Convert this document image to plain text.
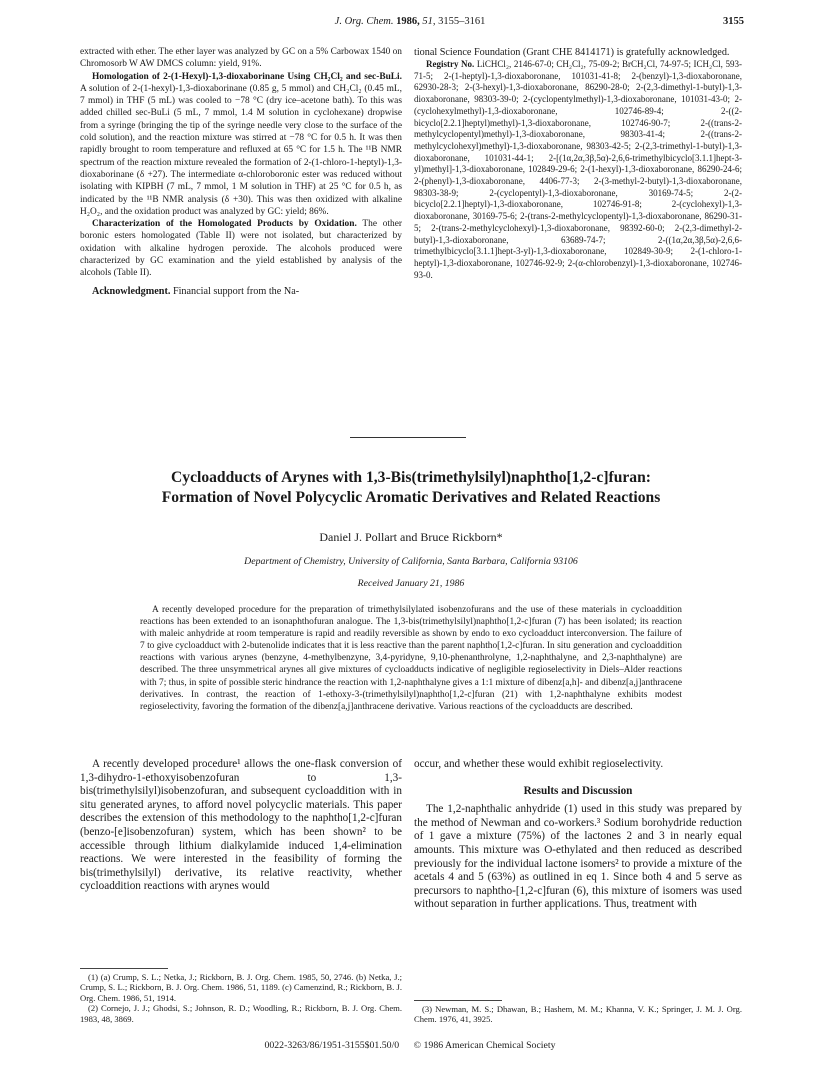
J. Org. Chem. 1986, 51, 3155–3161	3155

extracted with ether. The ether layer was analyzed by GC on a 5% Carbowax 1540 on Chromosorb W AW DMCS column: yield, 91%.

Homologation of 2-(1-Hexyl)-1,3-dioxaborinane Using CH₂Cl₂ and sec-BuLi. A solution of 2-(1-hexyl)-1,3-dioxaborinane (0.85 g, 5 mmol) and CH₂Cl₂ (0.45 mL, 7 mmol) in THF (5 mL) was cooled to −78 °C (dry ice–acetone bath). To this was added chilled sec-BuLi (5 mL, 7 mmol, 1.4 M solution in cyclohexane) dropwise from a syringe (bringing the tip of the syringe needle very close to the surface of the cold solution), and the reaction mixture was stirred at −78 °C for 0.5 h. It was then rapidly brought to room temperature and refluxed at 65 °C for 1.5 h. The ¹¹B NMR spectrum of the reaction mixture revealed the formation of 2-(1-chloro-1-heptyl)-1,3-dioxaborinane (δ +27). The intermediate α-chloroboronic ester was reduced without isolating with KIPBH (7 mL, 7 mmol, 1 M solution in THF) at 25 °C for 0.5 h, as indicated by the ¹¹B NMR analysis (δ +30). This was then oxidized with alkaline H₂O₂, and the oxidation product was analyzed by GC: yield; 86%.

Characterization of the Homologated Products by Oxidation. The other boronic esters homologated (Table II) were not isolated, but characterized by oxidation with alkaline hydrogen peroxide. The alcohols produced were characterized by GC examination and the yield established by analysis of the alcohols (Table II).

Acknowledgment. Financial support from the Na-

tional Science Foundation (Grant CHE 8414171) is gratefully acknowledged.

Registry No. LiCHCl₂, 2146-67-0; CH₂Cl₂, 75-09-2; BrCH₂Cl, 74-97-5; ICH₂Cl, 593-71-5; 2-(1-heptyl)-1,3-dioxaboronane, 101031-41-8; 2-(benzyl)-1,3-dioxaboronane, 62930-28-3; 2-(3-hexyl)-1,3-dioxaboronane, 86290-28-0; 2-(2,3-dimethyl-1-butyl)-1,3-dioxaboronane, 98303-39-0; 2-(cyclopentylmethyl)-1,3-dioxaboronane, 101031-43-0; 2-(cyclohexylmethyl)-1,3-dioxaboronane, 102746-89-4; 2-((2-bicyclo[2.2.1]heptyl)methyl)-1,3-dioxaboronane, 102746-90-7; 2-((trans-2-methylcyclopentyl)methyl)-1,3-dioxaboronane, 98303-41-4; 2-((trans-2-methylcyclohexyl)methyl)-1,3-dioxaboronane, 98303-42-5; 2-(2,3-trimethyl-1-butyl)-1,3-dioxaboronane, 101031-44-1; 2-[(1α,2α,3β,5α)-2,6,6-trimethylbicyclo[3.1.1]hept-3-yl)methyl]-1,3-dioxaboronane, 102849-29-6; 2-(1-hexyl)-1,3-dioxaboronane, 86290-24-6; 2-(phenyl)-1,3-dioxaboronane, 4406-77-3; 2-(3-methyl-2-butyl)-1,3-dioxaboronane, 98303-38-9; 2-(cyclopentyl)-1,3-dioxaboronane, 30169-74-5; 2-(2-bicyclo[2.2.1]heptyl)-1,3-dioxaboronane, 102746-91-8; 2-(cyclohexyl)-1,3-dioxaboronane, 30169-75-6; 2-(trans-2-methylcyclopentyl)-1,3-dioxaboronane, 86290-31-5; 2-(trans-2-methylcyclohexyl)-1,3-dioxaboronane, 98392-60-0; 2-(2,3-dimethyl-2-butyl)-1,3-dioxaboronane, 63689-74-7; 2-((1α,2α,3β,5α)-2,6,6-trimethylbicyclo[3.1.1]hept-3-yl)-1,3-dioxaboronane, 102849-30-9; 2-(1-chloro-1-heptyl)-1,3-dioxaboronane, 102746-92-9; 2-(α-chlorobenzyl)-1,3-dioxaboronane, 102746-93-0.

Cycloadducts of Arynes with 1,3-Bis(trimethylsilyl)naphtho[1,2-c]furan:
Formation of Novel Polycyclic Aromatic Derivatives and Related Reactions
Daniel J. Pollart and Bruce Rickborn*
Department of Chemistry, University of California, Santa Barbara, California 93106
Received January 21, 1986

A recently developed procedure for the preparation of trimethylsilylated isobenzofurans and the use of these materials in cycloaddition reactions has been extended to an isonaphthofuran analogue. The 1,3-bis(trimethylsilyl)naphtho[1,2-c]furan (7) has been isolated; its reaction with maleic anhydride at room temperature is rapid and readily reversible as shown by endo to exo cycloadduct interconversion. The failure of 7 to give cycloadduct with 2-butenolide indicates that it is less reactive than the parent naphtho[1,2-c]furan. In situ generation and cycloaddition reactions with various arynes (benzyne, 4-methylbenzyne, 3,4-pyridyne, 9,10-phenanthrolyne, 1,2-naphthalyne, and 2,3-naphthalyne) are described. The three unsymmetrical arynes all give mixtures of cycloadducts indicative of negligible regioselectivity in Diels–Alder reactions with 7; thus, in spite of possible steric hindrance the reaction with 1,2-naphthalyne gives a 1:1 mixture of dibenz[a,h]- and dibenz[a,j]anthracene derivatives. In contrast, the reaction of 1-ethoxy-3-(trimethylsilyl)naphtho[1,2-c]furan (21) with 1,2-naphthalyne exhibits modest regioselectivity, favoring the formation of the dibenz[a,j]anthracene derivative. Various reactions of the cycloadducts are described.

A recently developed procedure¹ allows the one-flask conversion of 1,3-dihydro-1-ethoxyisobenzofuran to 1,3-bis(trimethylsilyl)isobenzofuran, and subsequent cycloaddition with in situ generated arynes, to afford novel polycyclic materials. This paper describes the extension of this methodology to the naphtho[1,2-c]furan (benzo-[e]isobenzofuran) system, which has been shown² to be accessible through lithium dialkylamide induced 1,4-elimination reactions. We were interested in the feasibility of forming the bis(trimethylsilyl) derivative, its relative reactivity, whether cycloaddition reactions with arynes would

occur, and whether these would exhibit regioselectivity.

Results and Discussion

The 1,2-naphthalic anhydride (1) used in this study was prepared by the method of Newman and co-workers.³ Sodium borohydride reduction of 1 gave a mixture (75%) of the lactones 2 and 3 in nearly equal amounts. This mixture was O-ethylated and then reduced as described previously for the individual lactone isomers² to provide a mixture of the acetals 4 and 5 (63%) as outlined in eq 1. Since both 4 and 5 serve as precursors to naphtho-[1,2-c]furan (6), this mixture of isomers was used without separation in further applications. Thus, treatment with

(1) (a) Crump, S. L.; Netka, J.; Rickborn, B. J. Org. Chem. 1985, 50, 2746. (b) Netka, J.; Crump, S. L.; Rickborn, B. J. Org. Chem. 1986, 51, 1189. (c) Camenzind, R.; Rickborn, B. J. Org. Chem. 1986, 51, 1914.

(2) Cornejo, J. J.; Ghodsi, S.; Johnson, R. D.; Woodling, R.; Rickborn, B. J. Org. Chem. 1983, 48, 3869.

(3) Newman, M. S.; Dhawan, B.; Hashem, M. M.; Khanna, V. K.; Springer, J. M. J. Org. Chem. 1976, 41, 3925.

0022-3263/86/1951-3155$01.50/0 © 1986 American Chemical Society
